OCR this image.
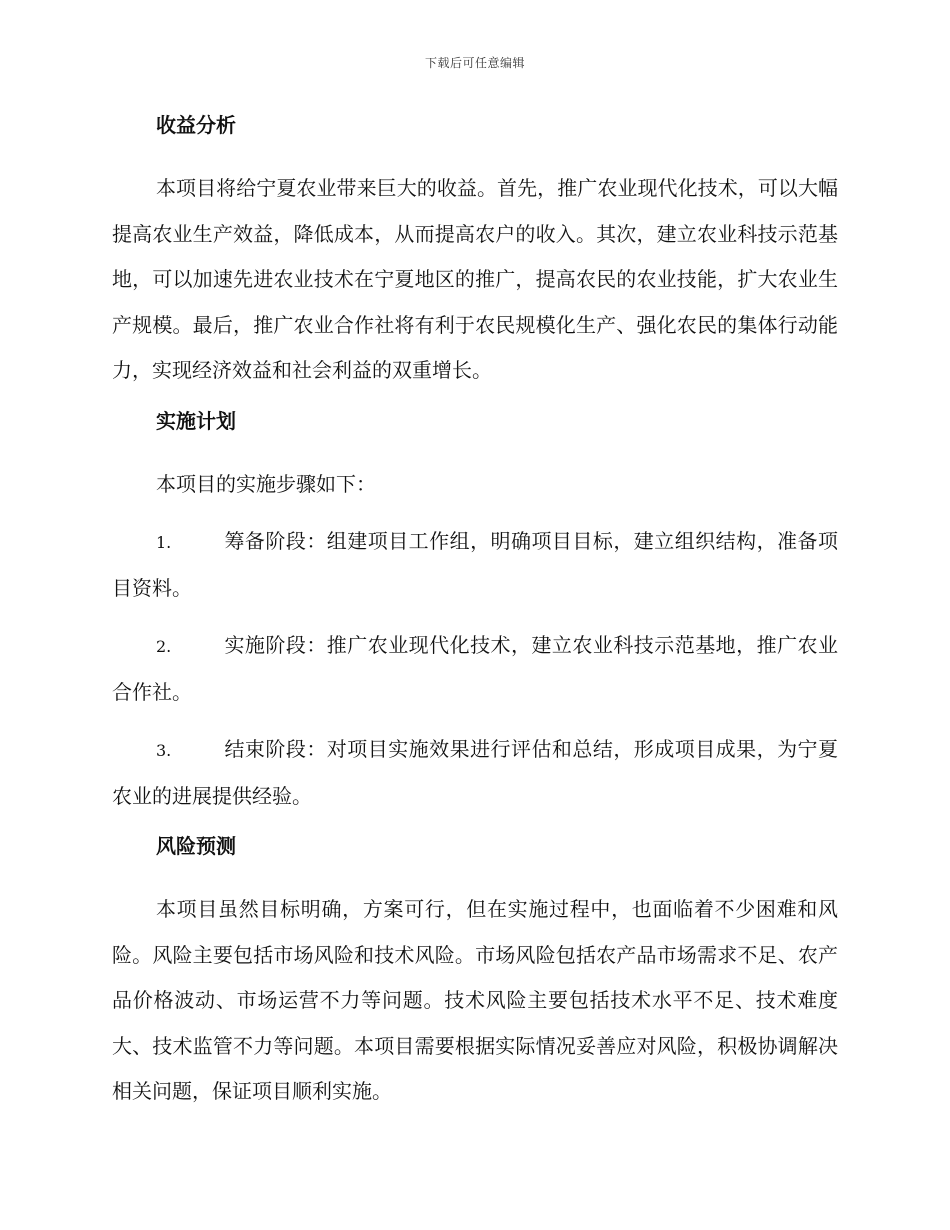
下载后可任意编辑
收益分析

本项目将给宁夏农业带来巨大的收益。首先，推广农业现代化技术，可以大幅提高农业生产效益，降低成本，从而提高农户的收入。其次，建立农业科技示范基地，可以加速先进农业技术在宁夏地区的推广，提高农民的农业技能，扩大农业生产规模。最后，推广农业合作社将有利于农民规模化生产、强化农民的集体行动能力，实现经济效益和社会利益的双重增长。

实施计划

本项目的实施步骤如下：

1.	筹备阶段：组建项目工作组，明确项目目标，建立组织结构，准备项目资料。
2.	实施阶段：推广农业现代化技术，建立农业科技示范基地，推广农业合作社。
3.	结束阶段：对项目实施效果进行评估和总结，形成项目成果，为宁夏农业的进展提供经验。
风险预测

本项目虽然目标明确，方案可行，但在实施过程中，也面临着不少困难和风险。风险主要包括市场风险和技术风险。市场风险包括农产品市场需求不足、农产品价格波动、市场运营不力等问题。技术风险主要包括技术水平不足、技术难度大、技术监管不力等问题。本项目需要根据实际情况妥善应对风险，积极协调解决相关问题，保证项目顺利实施。
